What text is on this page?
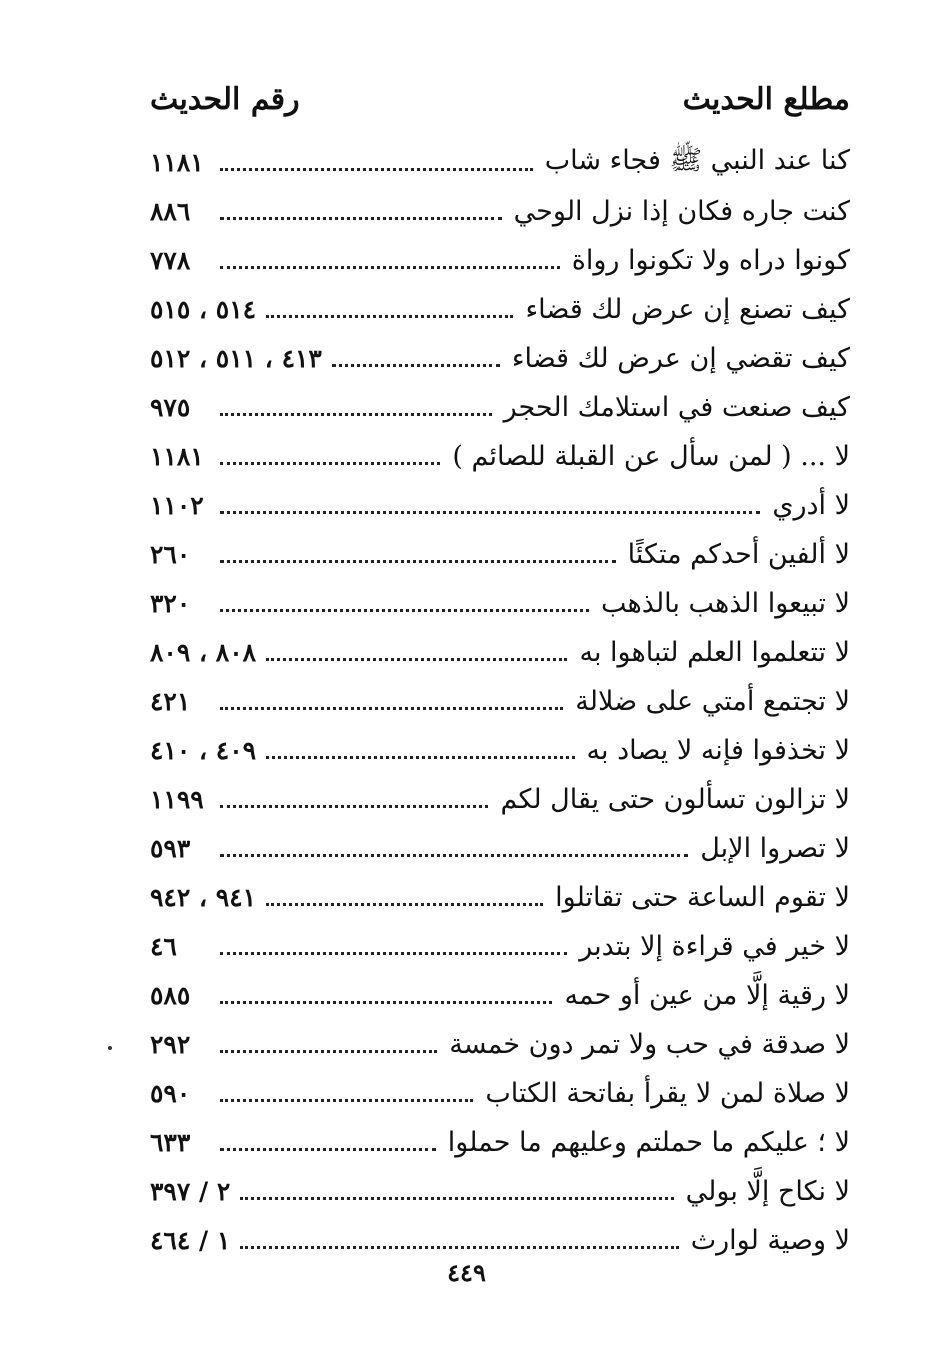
مطلع الحديث
رقم الحديث
كنا عند النبي ﷺ فجاء شاب
١١٨١
كنت جاره فكان إذا نزل الوحي
٨٨٦
كونوا دراه ولا تكونوا رواة
٧٧٨
كيف تصنع إن عرض لك قضاء
٥١٤ ، ٥١٥
كيف تقضي إن عرض لك قضاء
٤١٣ ، ٥١١ ، ٥١٢
كيف صنعت في استلامك الحجر
٩٧٥
لا ... ( لمن سأل عن القبلة للصائم )
١١٨١
لا أدري
١١٠٢
لا ألفين أحدكم متكئًا
٢٦٠
لا تبيعوا الذهب بالذهب
٣٢٠
لا تتعلموا العلم لتباهوا به
٨٠٨ ، ٨٠٩
لا تجتمع أمتي على ضلالة
٤٢١
لا تخذفوا فإنه لا يصاد به
٤٠٩ ، ٤١٠
لا تزالون تسألون حتى يقال لكم
١١٩٩
لا تصروا الإبل
٥٩٣
لا تقوم الساعة حتى تقاتلوا
٩٤١ ، ٩٤٢
لا خير في قراءة إلا بتدبر
٤٦
لا رقية إلَّا من عين أو حمه
٥٨٥
لا صدقة في حب ولا تمر دون خمسة
٢٩٢
لا صلاة لمن لا يقرأ بفاتحة الكتاب
٥٩٠
لا ؛ عليكم ما حملتم وعليهم ما حملوا
٦٣٣
لا نكاح إلَّا بولي
٢ / ٣٩٧
لا وصية لوارث
١ / ٤٦٤
٤٤٩
